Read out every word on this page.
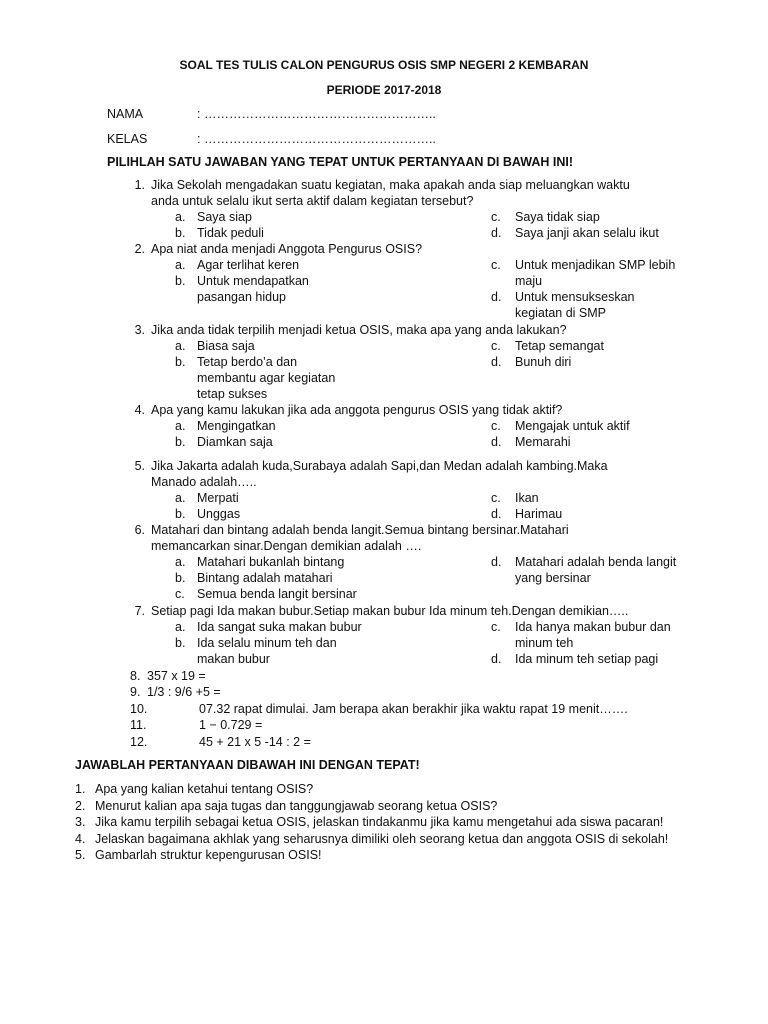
SOAL TES TULIS CALON PENGURUS OSIS SMP NEGERI 2 KEMBARAN
PERIODE 2017-2018
NAMA	: ………………………………………………..
KELAS	: ………………………………………………..
PILIHLAH SATU JAWABAN YANG TEPAT UNTUK PERTANYAAN DI BAWAH INI!
1. Jika Sekolah mengadakan suatu kegiatan, maka apakah anda siap meluangkan waktu
anda untuk selalu ikut serta aktif dalam kegiatan tersebut?
a. Saya siap
b. Tidak peduli
c. Saya tidak siap
d. Saya janji akan selalu ikut
2. Apa niat anda menjadi Anggota Pengurus OSIS?
a. Agar terlihat keren
b. Untuk mendapatkan
pasangan hidup
c. Untuk menjadikan SMP lebih
maju
d. Untuk mensukseskan
kegiatan di SMP
3. Jika anda tidak terpilih menjadi ketua OSIS, maka apa yang anda lakukan?
a. Biasa saja
b. Tetap berdo’a dan
membantu agar kegiatan
tetap sukses
c. Tetap semangat
d. Bunuh diri
4. Apa yang kamu lakukan jika ada anggota pengurus OSIS yang tidak aktif?
a. Mengingatkan
b. Diamkan saja
c. Mengajak untuk aktif
d. Memarahi
5. Jika Jakarta adalah kuda,Surabaya adalah Sapi,dan Medan adalah kambing.Maka
Manado adalah…..
a. Merpati
b. Unggas
c. Ikan
d. Harimau
6. Matahari dan bintang adalah benda langit.Semua bintang bersinar.Matahari
memancarkan sinar.Dengan demikian adalah ….
a. Matahari bukanlah bintang
b. Bintang adalah matahari
c. Semua benda langit bersinar
d. Matahari adalah benda langit
yang bersinar
7. Setiap pagi Ida makan bubur.Setiap makan bubur Ida minum teh.Dengan demikian…..
a. Ida sangat suka makan bubur
b. Ida selalu minum teh dan
makan bubur
c. Ida hanya makan bubur dan
minum teh
d. Ida minum teh setiap pagi
8. 357 x 19 =
9. 1/3 : 9/6 +5 =
10.	07.32 rapat dimulai. Jam berapa akan berakhir jika waktu rapat 19 menit…….
11.	1 − 0.729 =
12.	45 + 21 x 5 -14 : 2 =
JAWABLAH PERTANYAAN DIBAWAH INI DENGAN TEPAT!
1. Apa yang kalian ketahui tentang OSIS?
2. Menurut kalian apa saja tugas dan tanggungjawab seorang ketua OSIS?
3. Jika kamu terpilih sebagai ketua OSIS, jelaskan tindakanmu jika kamu mengetahui ada siswa pacaran!
4. Jelaskan bagaimana akhlak yang seharusnya dimiliki oleh seorang ketua dan anggota OSIS di sekolah!
5. Gambarlah struktur kepengurusan OSIS!
